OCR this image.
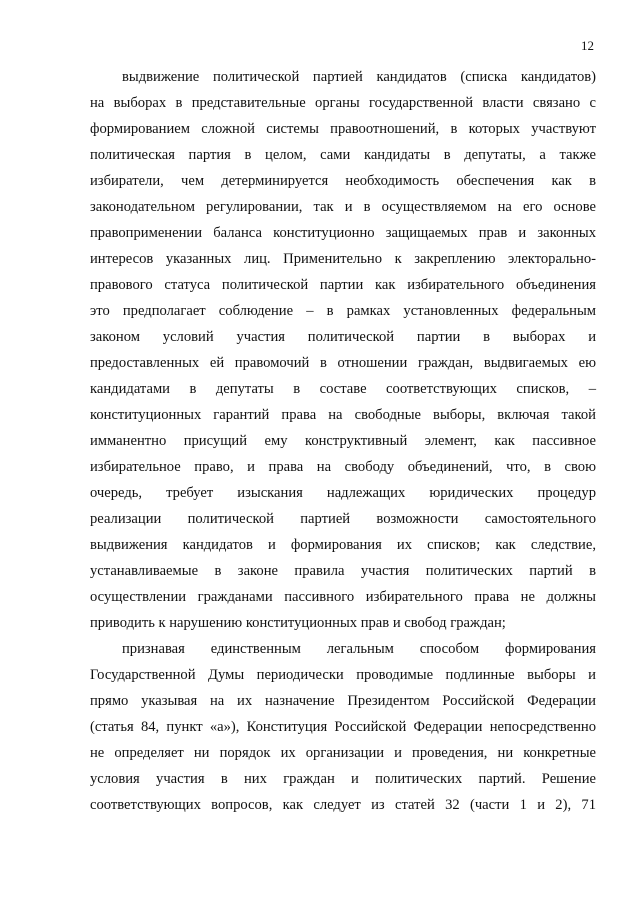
12
выдвижение политической партией кандидатов (списка кандидатов)
на выборах в представительные органы государственной власти связано с
формированием сложной системы правоотношений, в которых участвуют
политическая партия в целом, сами кандидаты в депутаты, а также
избиратели, чем детерминируется необходимость обеспечения как в
законодательном регулировании, так и в осуществляемом на его основе
правоприменении баланса конституционно защищаемых прав и законных
интересов указанных лиц. Применительно к закреплению электорально-
правового статуса политической партии как избирательного объединения
это предполагает соблюдение – в рамках установленных федеральным
законом условий участия политической партии в выборах и
предоставленных ей правомочий в отношении граждан, выдвигаемых ею
кандидатами в депутаты в составе соответствующих списков, –
конституционных гарантий права на свободные выборы, включая такой
имманентно присущий ему конструктивный элемент, как пассивное
избирательное право, и права на свободу объединений, что, в свою
очередь, требует изыскания надлежащих юридических процедур
реализации политической партией возможности самостоятельного
выдвижения кандидатов и формирования их списков; как следствие,
устанавливаемые в законе правила участия политических партий в
осуществлении гражданами пассивного избирательного права не должны
приводить к нарушению конституционных прав и свобод граждан;
признавая единственным легальным способом формирования
Государственной Думы периодически проводимые подлинные выборы и
прямо указывая на их назначение Президентом Российской Федерации
(статья 84, пункт «а»), Конституция Российской Федерации непосредственно
не определяет ни порядок их организации и проведения, ни конкретные
условия участия в них граждан и политических партий. Решение
соответствующих вопросов, как следует из статей 32 (части 1 и 2), 71
